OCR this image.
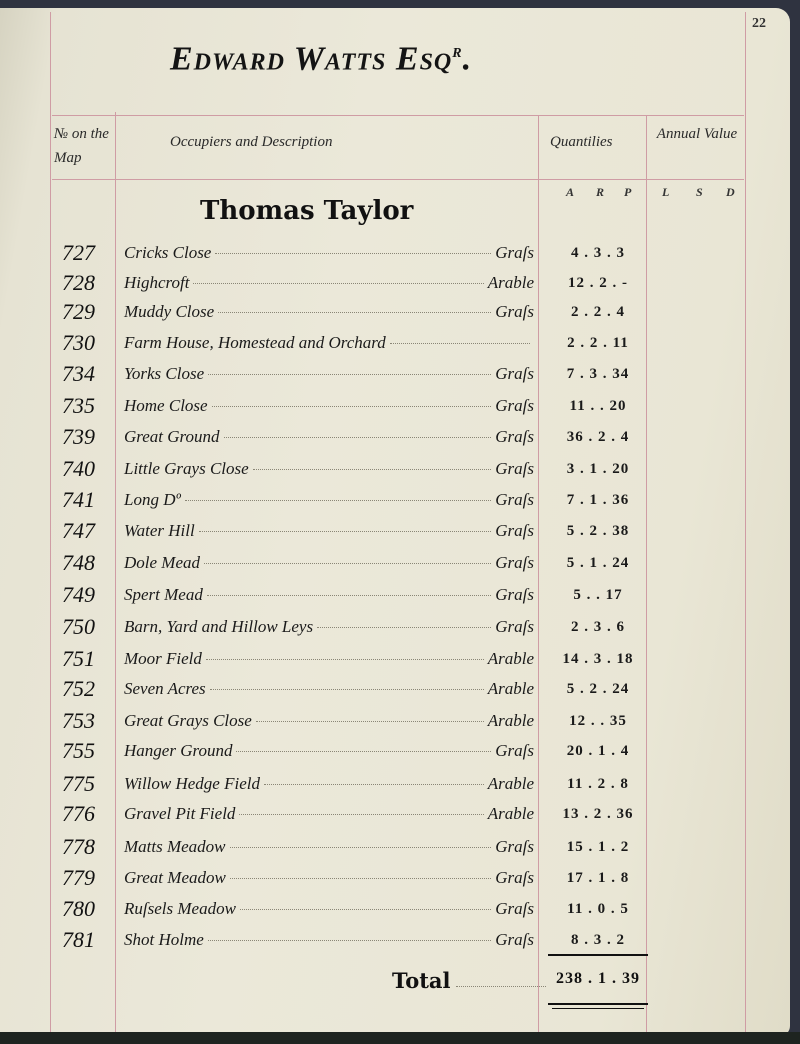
22
Edward Watts Esq$^r$.
№ on the Map
Occupiers and Description	Quantilies	Annual Value
A R P	L S D
Thomas Taylor
727 Cricks Close	Graſs	4 . 3 . 3
728 Highcroft	Arable	12 . 2 . -
729 Muddy Close	Graſs	2 . 2 . 4
730 Farm House, Homestead and Orchard	2 . 2 . 11
734 Yorks Close	Graſs	7 . 3 . 34
735 Home Close	Graſs	11 . . 20
739 Great Ground	Graſs	36 . 2 . 4
740 Little Grays Close	Graſs	3 . 1 . 20
741 Long Dº	Graſs	7 . 1 . 36
747 Water Hill	Graſs	5 . 2 . 38
748 Dole Mead	Graſs	5 . 1 . 24
749 Spert Mead	Graſs	5 . . 17
750 Barn, Yard and Hillow Leys	Graſs	2 . 3 . 6
751 Moor Field	Arable	14 . 3 . 18
752 Seven Acres	Arable	5 . 2 . 24
753 Great Grays Close	Arable	12 . . 35
755 Hanger Ground	Graſs	20 . 1 . 4
775 Willow Hedge Field	Arable	11 . 2 . 8
776 Gravel Pit Field	Arable	13 . 2 . 36
778 Matts Meadow	Graſs	15 . 1 . 2
779 Great Meadow	Graſs	17 . 1 . 8
780 Ruſsels Meadow	Graſs	11 . 0 . 5
781 Shot Holme	Graſs	8 . 3 . 2
Total	238 . 1 . 39
